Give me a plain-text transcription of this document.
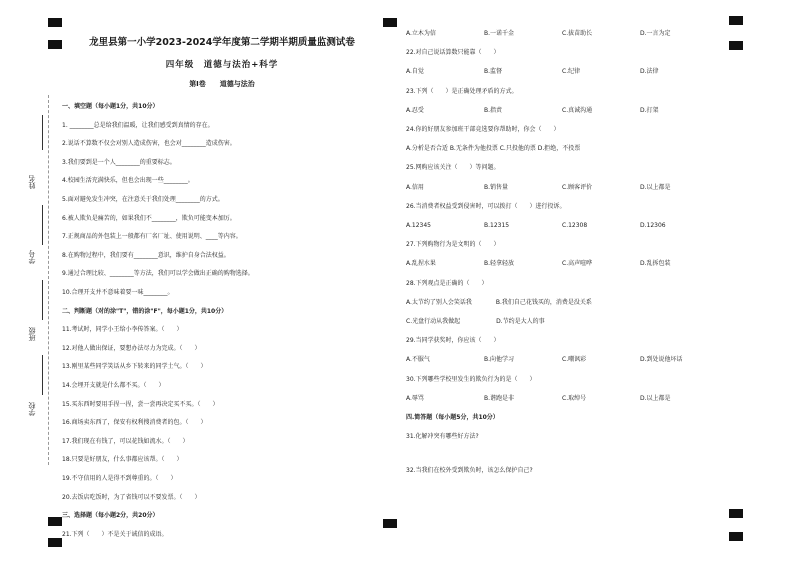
姓名
学号
班级
学校
龙里县第一小学2023-2024学年度第二学期半期质量监测试卷
四年级　道德与法治+科学
第Ⅰ卷　　道德与法治
一、填空题（每小题1分，共10分）
1. ________总是给我们温暖，让我们感受到真情的存在。
2.说话不算数不仅会对别人造成伤害，也会对________造成伤害。
3.我们要到是一个人________的重要标志。
4.校园生活充满快乐，但也会出现一些________。
5.面对避免发生冲突，在注意关于我们处理________的方式。
6.被人欺负是痛苦的，如果我们不________，欺负可能变本加厉。
7.正规商品的外包装上一般都有厂名厂址、使用说明、____等内容。
8.在购物过程中，我们要有________意识，维护自身合法权益。
9.通过合理比较、________等方法，我们可以学会做出正确的购物选择。
10.合理开支并不意味着要一味________。
二、判断题（对的涂"T"，错的涂"F"，每小题1分，共10分）
11.考试时，同学小王给小李传答案。（　　）
12.对他人做出保证，要想办法尽力为完成。（　　）
13.刚里某些同学笑话从乡下转来的同学土气。（　　）
14.会埋开支就是什么都不买。（　　）
15.买东西时要用手捏一捏，尝一尝再决定买不买。（　　）
16.商场卖东西了，保安有权利搜消费者的包。（　　）
17.我们现在有钱了，可以花钱如流水。（　　）
18.只要是好朋友，什么事都应该帮。（　　）
19.不守信用的人是得不到尊重的。（　　）
20.去饭店吃饭时，为了省钱可以不要发票。（　　）
三、选择题（每小题2分，共20分）
21.下列（　　）不是关于诚信的成语。
A.立木为信	B.一诺千金	C.拔苗助长	D.一言为定
22.对自己说话算数只能靠（　　）
A.自觉	B.监督	C.纪律	D.法律
23.下列（　　）是正确处理矛盾的方式。
A.忍受	B.指责	C.真诚沟通	D.打架
24.你的好朋友参加班干部竞选要你帮助时，你会（　　）
A.分析是否合适 B.无条件为他投票 C.只投他的票 D.拒绝，不投票
25.网购应该关注（　　）等问题。
A.信用	B.销售量	C.顾客评价	D.以上都是
26.当消费者权益受到侵害时，可以拨打（　　）进行投诉。
A.12345	B.12315	C.12308	D.12306
27.下列购物行为是文明的（　　）
A.乱捏水果	B.轻拿轻放	C.高声喧哗	D.乱拆包装
28.下列观点是正确的（　　）
A.太节约了别人会笑话我　　　　B.我们自己花钱买的，消费是没关系
C.光盘行动从我做起　　　　　　D.节约是大人的事
29.当同学获奖时，你应该（　　）
A.不服气	B.向他学习	C.嘲讽彩	D.到处说他坏话
30.下列哪些学校里发生的欺负行为的是（　　）
A.辱骂	B.谐跑是非	C.取绰号	D.以上都是
四.简答题（每小题5分，共10分）
31.化解冲突有哪些好方法?
32.当我们在校外受到欺负时，该怎么保护自己?
